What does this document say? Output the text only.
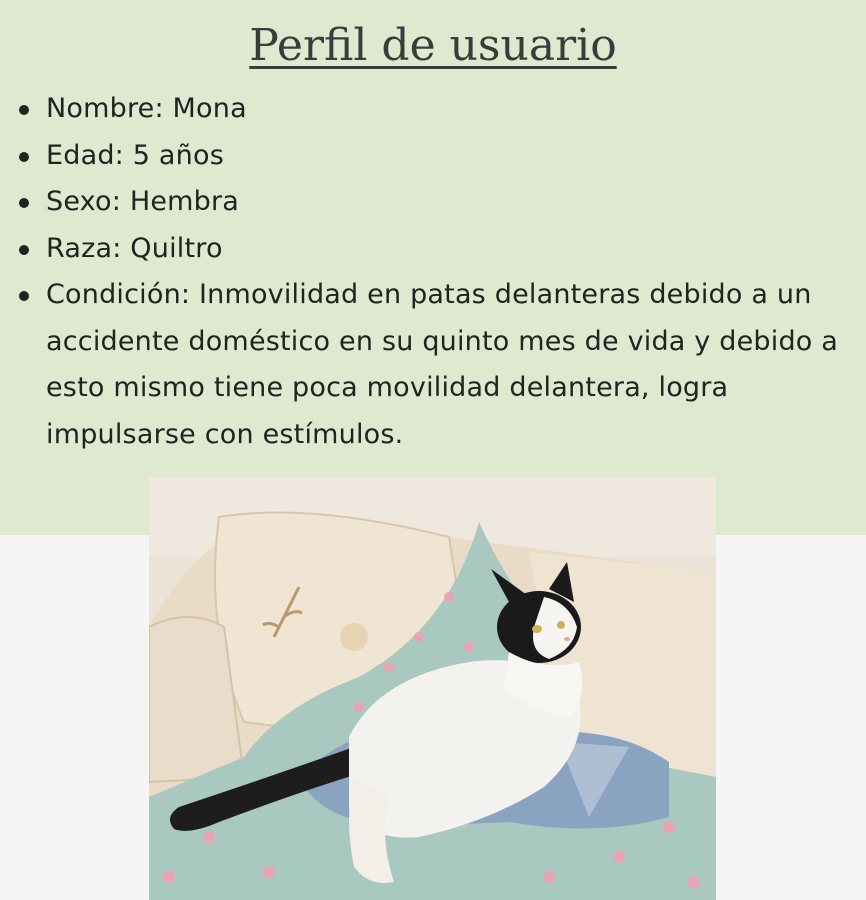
Perfil de usuario
Nombre: Mona
Edad: 5 años
Sexo: Hembra
Raza: Quiltro
Condición: Inmovilidad en patas delanteras debido a un accidente doméstico en su quinto mes de vida y debido a esto mismo tiene poca movilidad delantera, logra impulsarse con estímulos.
